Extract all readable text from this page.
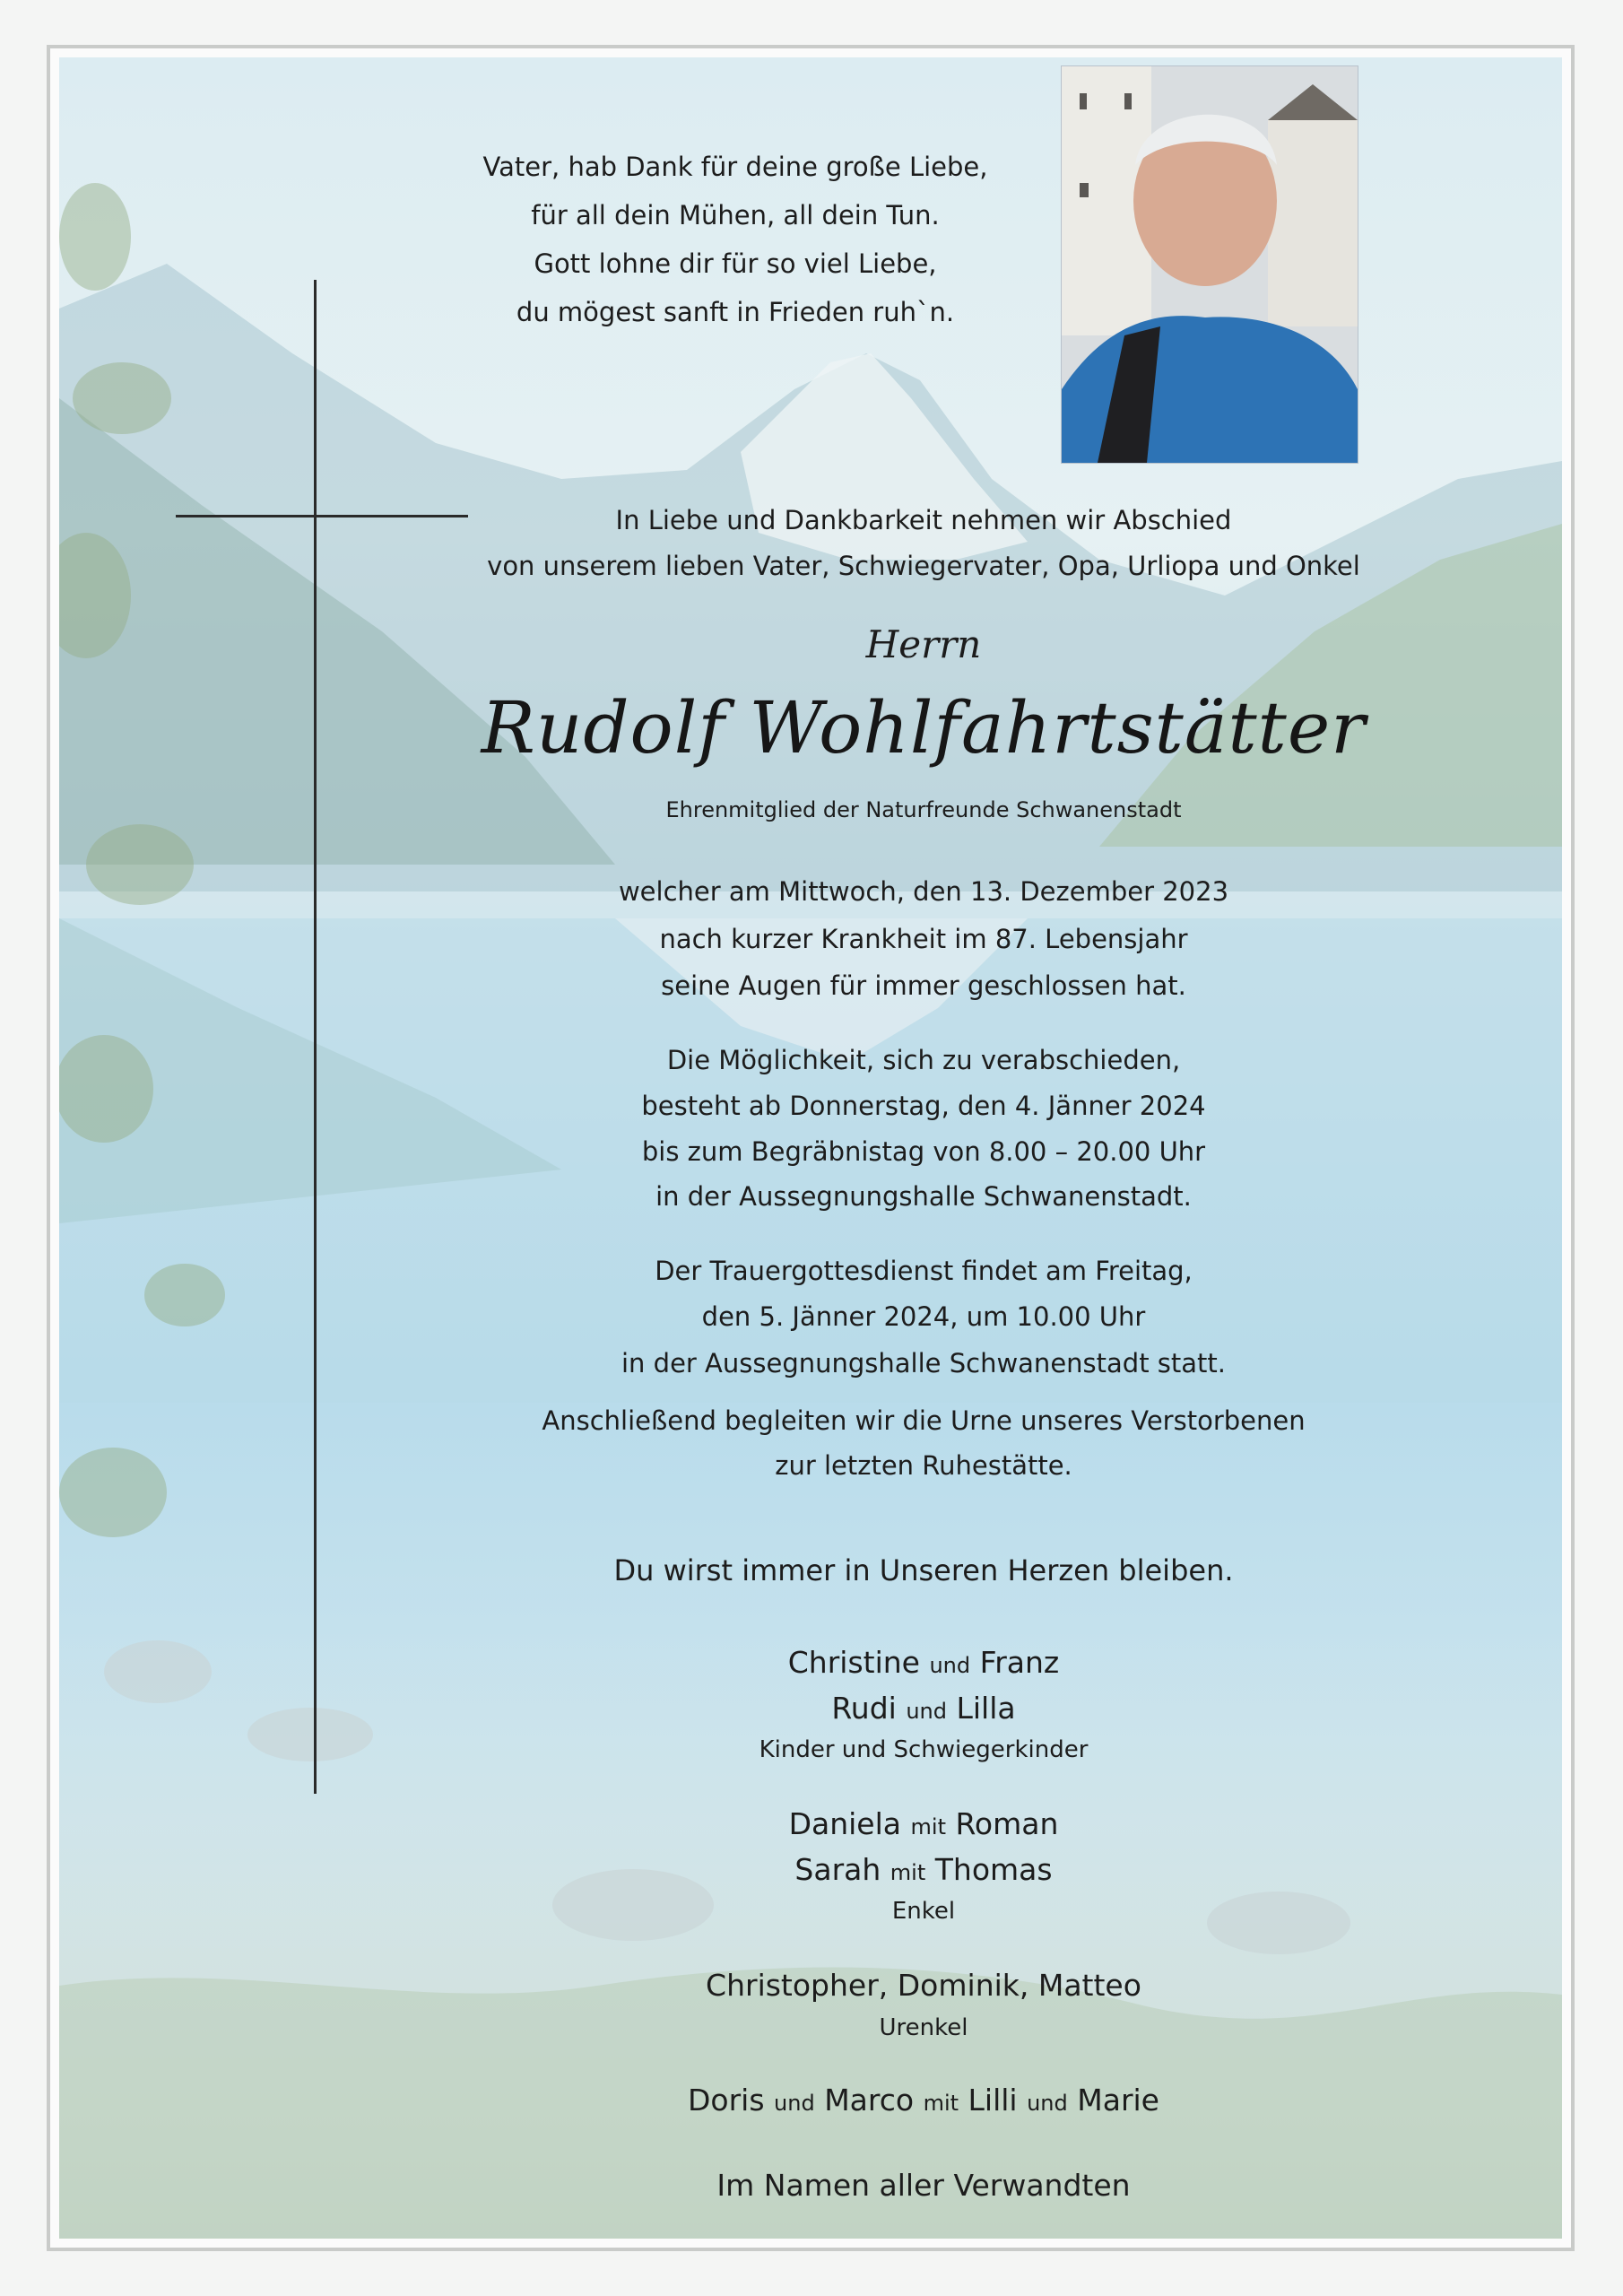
Vater, hab Dank für deine große Liebe,
für all dein Mühen, all dein Tun.
Gott lohne dir für so viel Liebe,
du mögest sanft in Frieden ruh`n.
In Liebe und Dankbarkeit nehmen wir Abschied
von unserem lieben Vater, Schwiegervater, Opa, Urliopa und Onkel
Herrn
Rudolf Wohlfahrtstätter
Ehrenmitglied der Naturfreunde Schwanenstadt
welcher am Mittwoch, den 13. Dezember 2023
nach kurzer Krankheit im 87. Lebensjahr
seine Augen für immer geschlossen hat.
Die Möglichkeit, sich zu verabschieden,
besteht ab Donnerstag, den 4. Jänner 2024
bis zum Begräbnistag von 8.00 – 20.00 Uhr
in der Aussegnungshalle Schwanenstadt.
Der Trauergottesdienst findet am Freitag,
den 5. Jänner 2024, um 10.00 Uhr
in der Aussegnungshalle Schwanenstadt statt.
Anschließend begleiten wir die Urne unseres Verstorbenen
zur letzten Ruhestätte.
Du wirst immer in Unseren Herzen bleiben.
Christine und Franz
Rudi und Lilla
Kinder und Schwiegerkinder
Daniela mit Roman
Sarah mit Thomas
Enkel
Christopher, Dominik, Matteo
Urenkel
Doris und Marco mit Lilli und Marie
Im Namen aller Verwandten
